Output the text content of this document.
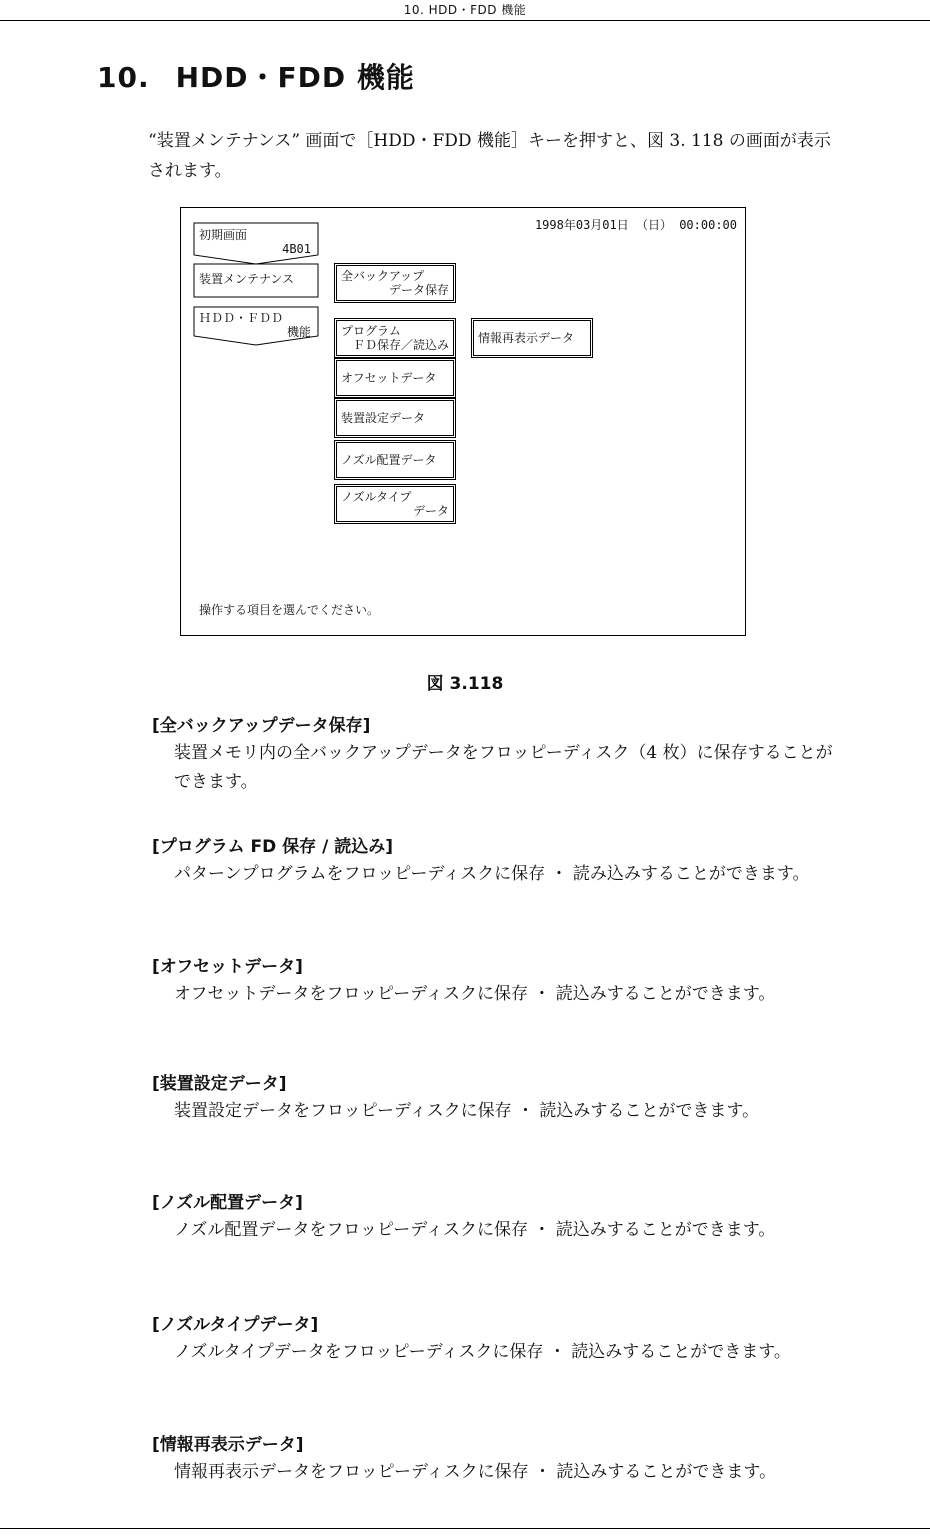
10. HDD・FDD 機能
10. HDD・FDD 機能
“装置メンテナンス” 画面で［HDD・FDD 機能］キーを押すと、図 3. 118 の画面が表示されます。
1998年03月01日 （日） 00:00:00
初期画面
4B01
装置メンテナンス
ＨＤＤ・ＦＤＤ
機能
全バックアップ
データ保存
プログラム
ＦＤ保存／読込み
オフセットデータ
装置設定データ
ノズル配置データ
ノズルタイプ
データ
情報再表示データ
操作する項目を選んでください。
図 3.118
[全バックアップデータ保存]
装置メモリ内の全バックアップデータをフロッピーディスク（4 枚）に保存することができます。
[プログラム FD 保存 / 読込み]
パターンプログラムをフロッピーディスクに保存 ・ 読み込みすることができます。
[オフセットデータ]
オフセットデータをフロッピーディスクに保存 ・ 読込みすることができます。
[装置設定データ]
装置設定データをフロッピーディスクに保存 ・ 読込みすることができます。
[ノズル配置データ]
ノズル配置データをフロッピーディスクに保存 ・ 読込みすることができます。
[ノズルタイプデータ]
ノズルタイプデータをフロッピーディスクに保存 ・ 読込みすることができます。
[情報再表示データ]
情報再表示データをフロッピーディスクに保存 ・ 読込みすることができます。
